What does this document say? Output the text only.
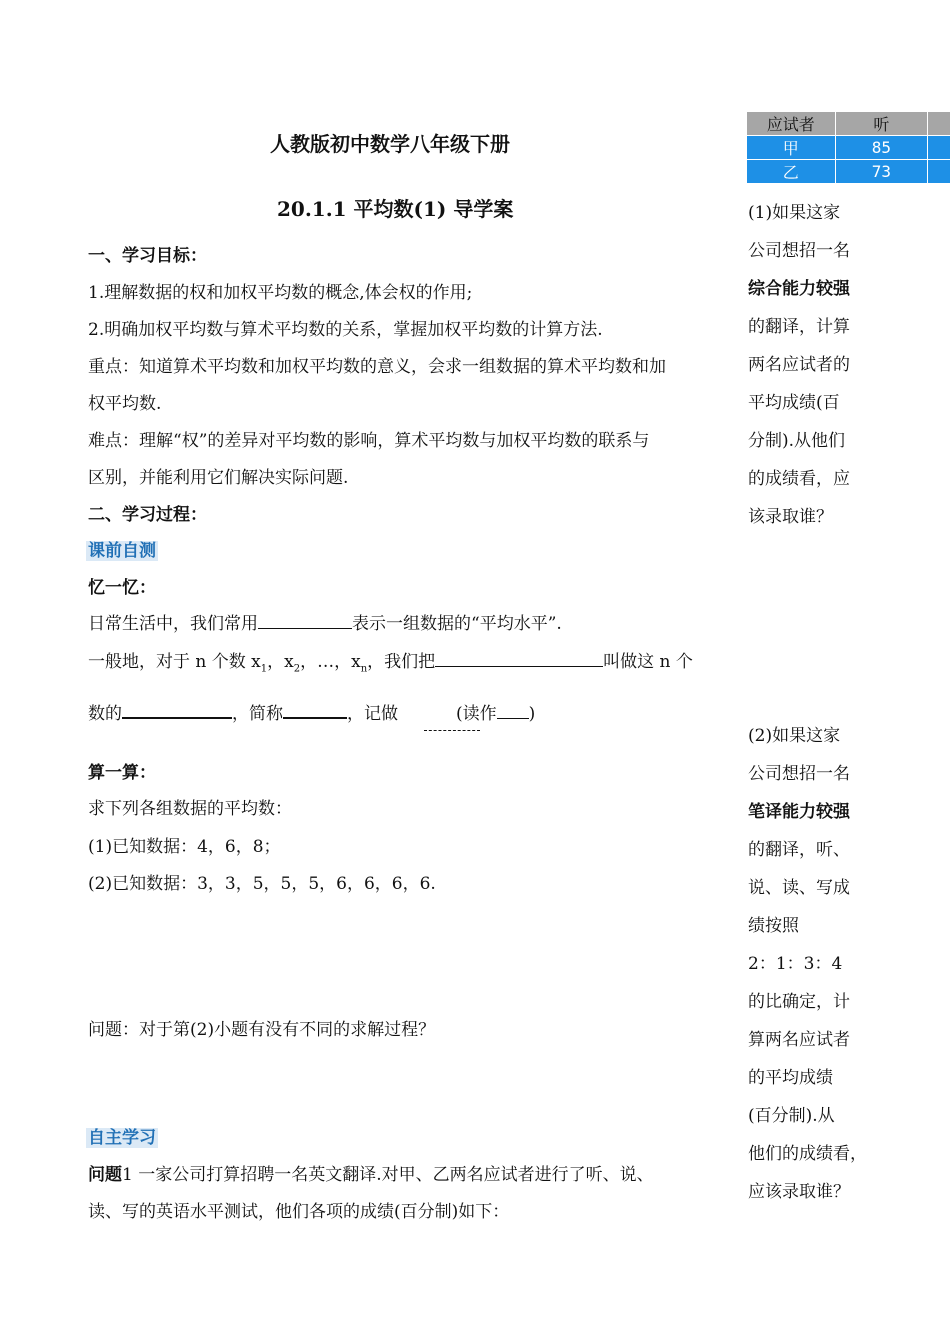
人教版初中数学八年级下册
20.1.1 平均数(1) 导学案
一、学习目标：
1.理解数据的权和加权平均数的概念,体会权的作用;
2.明确加权平均数与算术平均数的关系，掌握加权平均数的计算方法.
重点：知道算术平均数和加权平均数的意义，会求一组数据的算术平均数和加
权平均数.
难点：理解“权”的差异对平均数的影响，算术平均数与加权平均数的联系与
区别，并能利用它们解决实际问题.
二、学习过程：
课前自测
忆一忆：
日常生活中，我们常用	表示一组数据的“平均水平”.
一般地，对于 n 个数 $x_1$，$x_2$，…，$x_n$，我们把	叫做这 n 个
数的	，简称	，记做	(读作 )
算一算：
求下列各组数据的平均数：
(1)已知数据：4，6，8；
(2)已知数据：3，3，5，5，5，6，6，6，6.
问题：对于第(2)小题有没有不同的求解过程？
自主学习
问题1 一家公司打算招聘一名英文翻译.对甲、乙两名应试者进行了听、说、
读、写的英语水平测试，他们各项的成绩(百分制)如下：
应试者	听	
甲	85	
乙	73	
(1)如果这家
公司想招一名
综合能力较强
的翻译，计算
两名应试者的
平均成绩(百
分制).从他们
的成绩看，应
该录取谁？
(2)如果这家
公司想招一名
笔译能力较强
的翻译，听、
说、读、写成
绩按照
2：1：3：4
的比确定，计
算两名应试者
的平均成绩
(百分制).从
他们的成绩看，
应该录取谁？
